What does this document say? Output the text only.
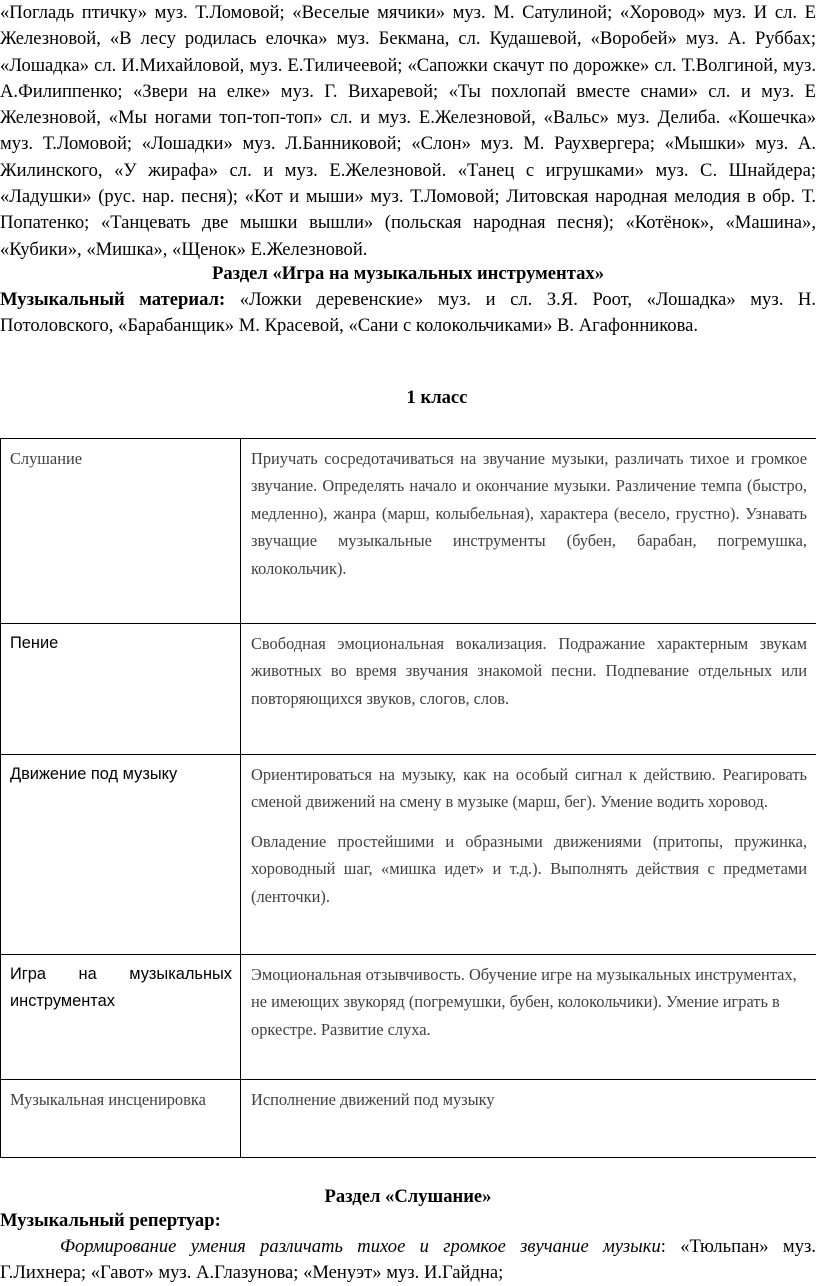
«Погладь птичку» муз. Т.Ломовой; «Веселые мячики» муз. М. Сатулиной; «Хоровод» муз. И сл. Е Железновой, «В лесу родилась елочка» муз. Бекмана, сл. Кудашевой, «Воробей» муз. А. Руббах; «Лошадка» сл. И.Михайловой, муз. Е.Тиличеевой; «Сапожки скачут по дорожке» сл. Т.Волгиной, муз. А.Филиппенко; «Звери на елке» муз. Г. Вихаревой; «Ты похлопай вместе снами» сл. и муз. Е Железновой, «Мы ногами топ-топ-топ» сл. и муз. Е.Железновой, «Вальс» муз. Делиба. «Кошечка» муз. Т.Ломовой; «Лошадки» муз. Л.Банниковой; «Слон» муз. М. Раухвергера; «Мышки» муз. А. Жилинского, «У жирафа» сл. и муз. Е.Железновой. «Танец с игрушками» муз. С. Шнайдера; «Ладушки» (рус. нар. песня); «Кот и мыши» муз. Т.Ломовой; Литовская народная мелодия в обр. Т. Попатенко; «Танцевать две мышки вышли» (польская народная песня); «Котёнок», «Машина», «Кубики», «Мишка», «Щенок» Е.Железновой.
Раздел «Игра на музыкальных инструментах»
Музыкальный материал: «Ложки деревенские» муз. и сл. З.Я. Роот, «Лошадка» муз. Н. Потоловского, «Барабанщик» М. Красевой, «Сани с колокольчиками» В. Агафонникова.
1 класс
Слушание	Приучать сосредотачиваться на звучание музыки, различать тихое и громкое звучание. Определять начало и окончание музыки. Различение темпа (быстро, медленно), жанра (марш, колыбельная), характера (весело, грустно). Узнавать звучащие музыкальные инструменты (бубен, барабан, погремушка, колокольчик).

Пение	Свободная эмоциональная вокализация. Подражание характерным звукам животных во время звучания знакомой песни. Подпевание отдельных или повторяющихся звуков, слогов, слов.

Движение под музыку	Ориентироваться на музыку, как на особый сигнал к действию. Реагировать сменой движений на смену в музыке (марш, бег). Умение водить хоровод.

Овладение простейшими и образными движениями (притопы, пружинка, хороводный шаг, «мишка идет» и т.д.). Выполнять действия с предметами (ленточки).

Игра на музыкальных инструментах	Эмоциональная отзывчивость. Обучение игре на музыкальных инструментах, не имеющих звукоряд (погремушки, бубен, колокольчики). Умение играть в оркестре. Развитие слуха.

Музыкальная инсценировка	Исполнение движений под музыку

Раздел «Слушание»
Музыкальный репертуар:
Формирование умения различать тихое и громкое звучание музыки: «Тюльпан» муз. Г.Лихнера; «Гавот» муз. А.Глазунова; «Менуэт» муз. И.Гайдна;
